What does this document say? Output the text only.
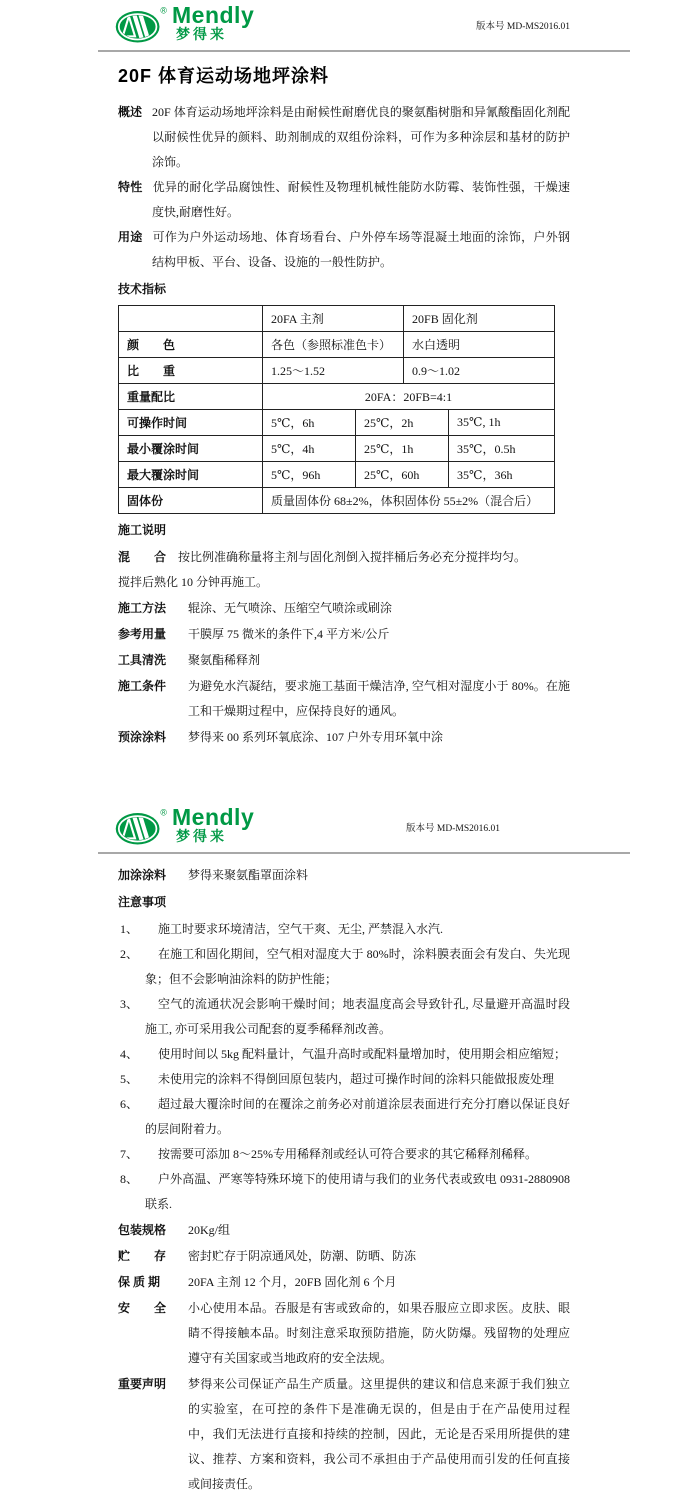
® Mendly
梦得来	版本号 MD-MS2016.01
20F 体育运动场地坪涂料

概述 20F 体育运动场地坪涂料是由耐候性耐磨优良的聚氨酯树脂和异氰酸酯固化剂配以耐候性优异的颜料、助剂制成的双组份涂料，可作为多种涂层和基材的防护涂饰。

特性 优异的耐化学品腐蚀性、耐候性及物理机械性能防水防霉、装饰性强，干燥速度快,耐磨性好。

用途 可作为户外运动场地、体育场看台、户外停车场等混凝土地面的涂饰，户外钢结构甲板、平台、设备、设施的一般性防护。

技术指标
	20FA 主剂		20FB 固化剂	
颜　　色	各色（参照标准色卡）		水白透明	
比　　重	1.25～1.52		0.9～1.02	
重量配比	20FA：20FB=4:1			
可操作时间	5℃，6h	25℃，2h		35℃, 1h
最小覆涂时间	5℃，4h	25℃，1h		35℃，0.5h
最大覆涂时间	5℃，96h	25℃，60h		35℃，36h
固体份	质量固体份 68±2%，体积固体份 55±2%（混合后）			
施工说明

混　　合 按比例准确称量将主剂与固化剂倒入搅拌桶后务必充分搅拌均匀。
搅拌后熟化 10 分钟再施工。

施工方法	辊涂、无气喷涂、压缩空气喷涂或刷涂
参考用量	干膜厚 75 微米的条件下,4 平方米/公斤
工具清洗	聚氨酯稀释剂
施工条件	为避免水汽凝结，要求施工基面干燥洁净, 空气相对湿度小于 80%。在施工和干燥期过程中，应保持良好的通风。
预涂涂料	梦得来 00 系列环氧底涂、107 户外专用环氧中涂
® Mendly
梦得来	版本号 MD-MS2016.01
加涂涂料	梦得来聚氨酯罩面涂料
注意事项

1、 施工时要求环境清洁，空气干爽、无尘, 严禁混入水汽.

2、 在施工和固化期间，空气相对湿度大于 80%时，涂料膜表面会有发白、失光现象；但不会影响油涂料的防护性能；

3、 空气的流通状况会影响干燥时间；地表温度高会导致针孔, 尽量避开高温时段施工, 亦可采用我公司配套的夏季稀释剂改善。

4、 使用时间以 5kg 配料量计，气温升高时或配料量增加时，使用期会相应缩短；

5、 未使用完的涂料不得倒回原包装内，超过可操作时间的涂料只能做报废处理

6、 超过最大覆涂时间的在覆涂之前务必对前道涂层表面进行充分打磨以保证良好的层间附着力。

7、 按需要可添加 8～25%专用稀释剂或经认可符合要求的其它稀释剂稀释。

8、 户外高温、严寒等特殊环境下的使用请与我们的业务代表或致电 0931-2880908 联系.

包装规格	20Kg/组
贮　　存	密封贮存于阴凉通风处，防潮、防晒、防冻
保 质 期	20FA 主剂 12 个月，20FB 固化剂 6 个月
安　　全	小心使用本品。吞服是有害或致命的，如果吞服应立即求医。皮肤、眼睛不得接触本品。时刻注意采取预防措施，防火防爆。残留物的处理应遵守有关国家或当地政府的安全法规。
重要声明	梦得来公司保证产品生产质量。这里提供的建议和信息来源于我们独立的实验室，在可控的条件下是准确无误的，但是由于在产品使用过程中，我们无法进行直接和持续的控制，因此，无论是否采用所提供的建议、推荐、方案和资料，我公司不承担由于产品使用而引发的任何直接或间接责任。
